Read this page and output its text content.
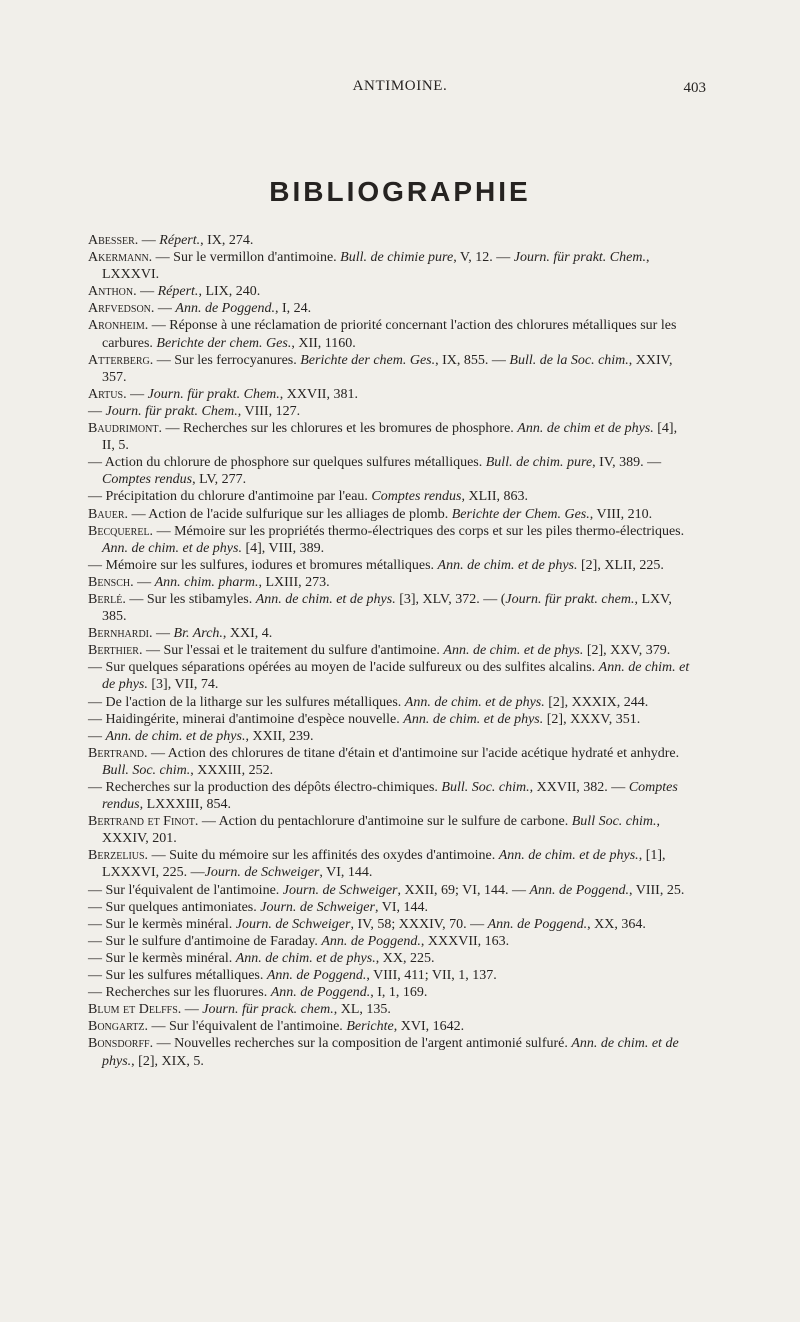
ANTIMOINE.	403
BIBLIOGRAPHIE

Abesser. — Répert., IX, 274.

Akermann. — Sur le vermillon d'antimoine. Bull. de chimie pure, V, 12. — Journ. für prakt. Chem., LXXXVI.

Anthon. — Répert., LIX, 240.

Arfvedson. — Ann. de Poggend., I, 24.

Aronheim. — Réponse à une réclamation de priorité concernant l'action des chlorures métalliques sur les carbures. Berichte der chem. Ges., XII, 1160.

Atterberg. — Sur les ferrocyanures. Berichte der chem. Ges., IX, 855. — Bull. de la Soc. chim., XXIV, 357.

Artus. — Journ. für prakt. Chem., XXVII, 381.

— Journ. für prakt. Chem., VIII, 127.

Baudrimont. — Recherches sur les chlorures et les bromures de phosphore. Ann. de chim et de phys. [4], II, 5.

— Action du chlorure de phosphore sur quelques sulfures métalliques. Bull. de chim. pure, IV, 389. — Comptes rendus, LV, 277.

— Précipitation du chlorure d'antimoine par l'eau. Comptes rendus, XLII, 863.

Bauer. — Action de l'acide sulfurique sur les alliages de plomb. Berichte der Chem. Ges., VIII, 210.

Becquerel. — Mémoire sur les propriétés thermo-électriques des corps et sur les piles thermo-électriques. Ann. de chim. et de phys. [4], VIII, 389.

— Mémoire sur les sulfures, iodures et bromures métalliques. Ann. de chim. et de phys. [2], XLII, 225.

Bensch. — Ann. chim. pharm., LXIII, 273.

Berlé. — Sur les stibamyles. Ann. de chim. et de phys. [3], XLV, 372. — (Journ. für prakt. chem., LXV, 385.

Bernhardi. — Br. Arch., XXI, 4.

Berthier. — Sur l'essai et le traitement du sulfure d'antimoine. Ann. de chim. et de phys. [2], XXV, 379.

— Sur quelques séparations opérées au moyen de l'acide sulfureux ou des sulfites alcalins. Ann. de chim. et de phys. [3], VII, 74.

— De l'action de la litharge sur les sulfures métalliques. Ann. de chim. et de phys. [2], XXXIX, 244.

— Haidingérite, minerai d'antimoine d'espèce nouvelle. Ann. de chim. et de phys. [2], XXXV, 351.

— Ann. de chim. et de phys., XXII, 239.

Bertrand. — Action des chlorures de titane d'étain et d'antimoine sur l'acide acétique hydraté et anhydre. Bull. Soc. chim., XXXIII, 252.

— Recherches sur la production des dépôts électro-chimiques. Bull. Soc. chim., XXVII, 382. — Comptes rendus, LXXXIII, 854.

Bertrand et Finot. — Action du pentachlorure d'antimoine sur le sulfure de carbone. Bull Soc. chim., XXXIV, 201.

Berzelius. — Suite du mémoire sur les affinités des oxydes d'antimoine. Ann. de chim. et de phys., [1], LXXXVI, 225. —Journ. de Schweiger, VI, 144.

— Sur l'équivalent de l'antimoine. Journ. de Schweiger, XXII, 69; VI, 144. — Ann. de Poggend., VIII, 25.

— Sur quelques antimoniates. Journ. de Schweiger, VI, 144.

— Sur le kermès minéral. Journ. de Schweiger, IV, 58; XXXIV, 70. — Ann. de Poggend., XX, 364.

— Sur le sulfure d'antimoine de Faraday. Ann. de Poggend., XXXVII, 163.

— Sur le kermès minéral. Ann. de chim. et de phys., XX, 225.

— Sur les sulfures métalliques. Ann. de Poggend., VIII, 411; VII, 1, 137.

— Recherches sur les fluorures. Ann. de Poggend., I, 1, 169.

Blum et Delffs. — Journ. für prack. chem., XL, 135.

Bongartz. — Sur l'équivalent de l'antimoine. Berichte, XVI, 1642.

Bonsdorff. — Nouvelles recherches sur la composition de l'argent antimonié sulfuré. Ann. de chim. et de phys., [2], XIX, 5.
